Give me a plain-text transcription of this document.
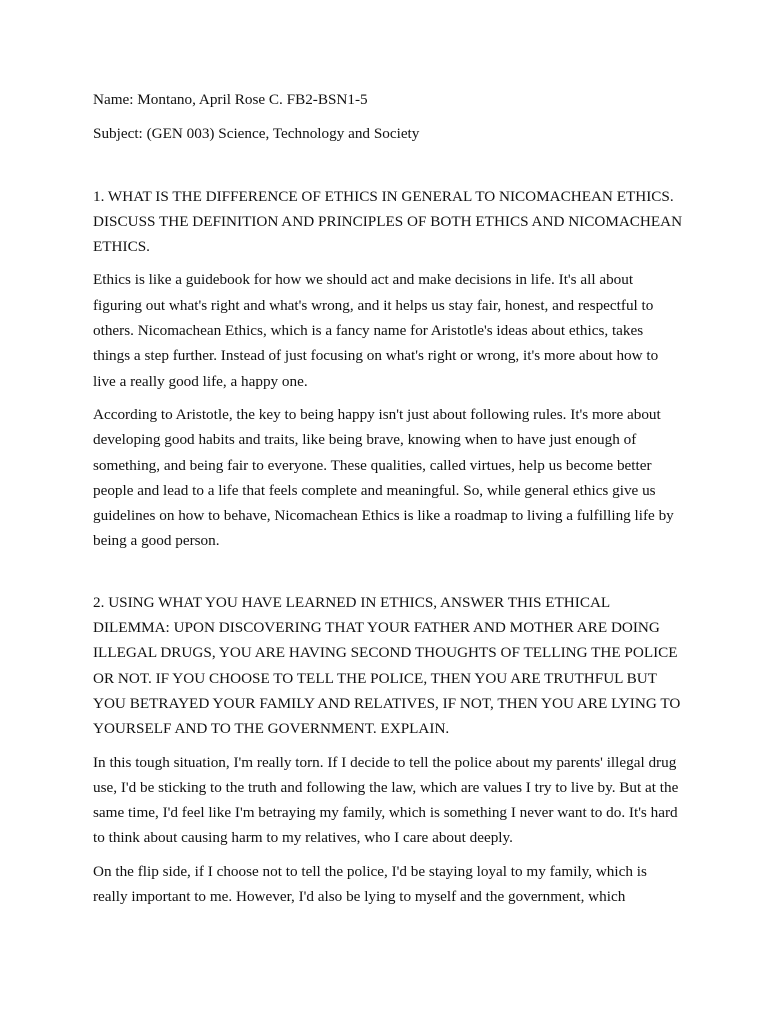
Name: Montano, April Rose C. FB2-BSN1-5

Subject: (GEN 003) Science, Technology and Society

1. WHAT IS THE DIFFERENCE OF ETHICS IN GENERAL TO NICOMACHEAN ETHICS. DISCUSS THE DEFINITION AND PRINCIPLES OF BOTH ETHICS AND NICOMACHEAN ETHICS.

Ethics is like a guidebook for how we should act and make decisions in life. It's all about figuring out what's right and what's wrong, and it helps us stay fair, honest, and respectful to others. Nicomachean Ethics, which is a fancy name for Aristotle's ideas about ethics, takes things a step further. Instead of just focusing on what's right or wrong, it's more about how to live a really good life, a happy one.

According to Aristotle, the key to being happy isn't just about following rules. It's more about developing good habits and traits, like being brave, knowing when to have just enough of something, and being fair to everyone. These qualities, called virtues, help us become better people and lead to a life that feels complete and meaningful. So, while general ethics give us guidelines on how to behave, Nicomachean Ethics is like a roadmap to living a fulfilling life by being a good person.

2. USING WHAT YOU HAVE LEARNED IN ETHICS, ANSWER THIS ETHICAL DILEMMA: UPON DISCOVERING THAT YOUR FATHER AND MOTHER ARE DOING ILLEGAL DRUGS, YOU ARE HAVING SECOND THOUGHTS OF TELLING THE POLICE OR NOT. IF YOU CHOOSE TO TELL THE POLICE, THEN YOU ARE TRUTHFUL BUT YOU BETRAYED YOUR FAMILY AND RELATIVES, IF NOT, THEN YOU ARE LYING TO YOURSELF AND TO THE GOVERNMENT. EXPLAIN.

In this tough situation, I'm really torn. If I decide to tell the police about my parents' illegal drug use, I'd be sticking to the truth and following the law, which are values I try to live by. But at the same time, I'd feel like I'm betraying my family, which is something I never want to do. It's hard to think about causing harm to my relatives, who I care about deeply.

On the flip side, if I choose not to tell the police, I'd be staying loyal to my family, which is really important to me. However, I'd also be lying to myself and the government, which
